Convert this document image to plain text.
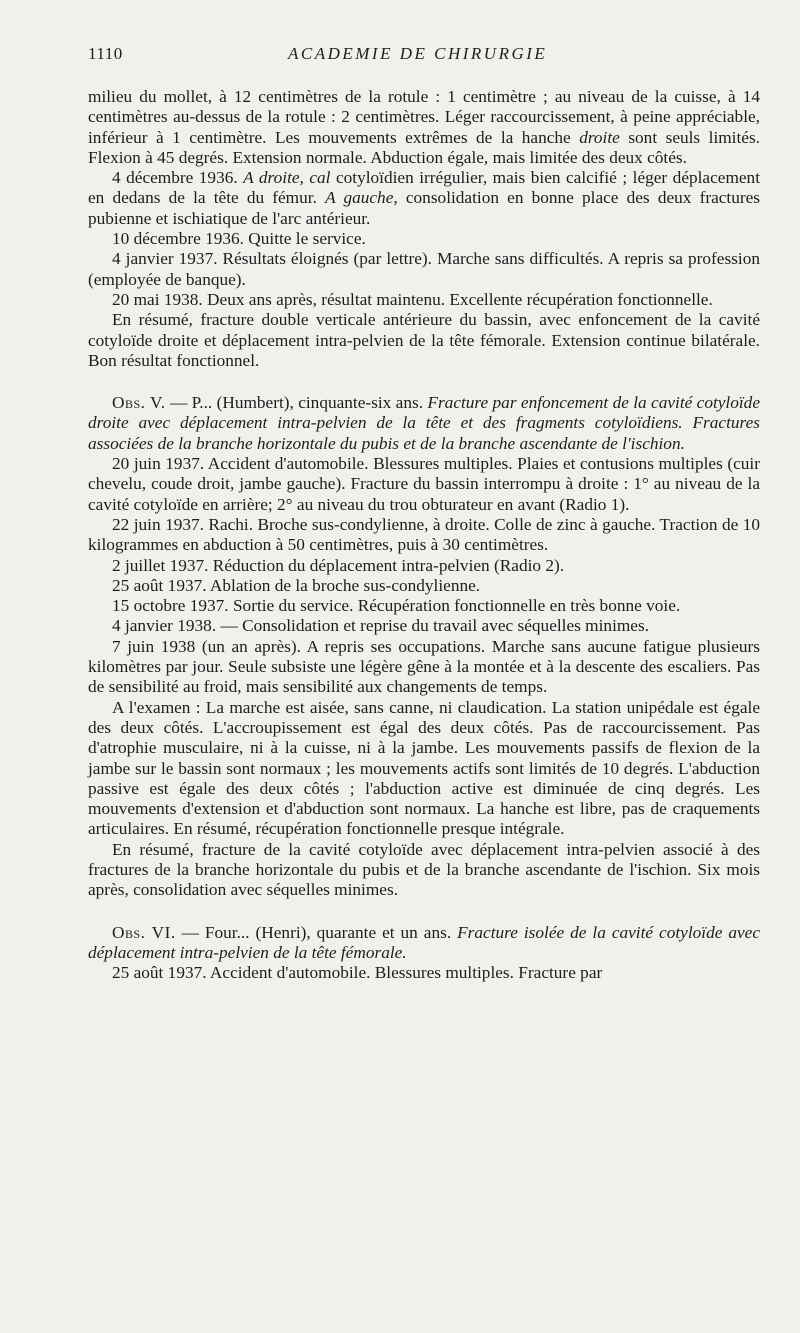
1110	ACADEMIE DE CHIRURGIE

milieu du mollet, à 12 centimètres de la rotule : 1 centimètre ; au niveau de la cuisse, à 14 centimètres au-dessus de la rotule : 2 centimètres. Léger raccourcissement, à peine appréciable, inférieur à 1 centimètre. Les mouvements extrêmes de la hanche droite sont seuls limités. Flexion à 45 degrés. Extension normale. Abduction égale, mais limitée des deux côtés.

4 décembre 1936. A droite, cal cotyloïdien irrégulier, mais bien calcifié ; léger déplacement en dedans de la tête du fémur. A gauche, consolidation en bonne place des deux fractures pubienne et ischiatique de l'arc antérieur.

10 décembre 1936. Quitte le service.

4 janvier 1937. Résultats éloignés (par lettre). Marche sans difficultés. A repris sa profession (employée de banque).

20 mai 1938. Deux ans après, résultat maintenu. Excellente récupération fonctionnelle.

En résumé, fracture double verticale antérieure du bassin, avec enfoncement de la cavité cotyloïde droite et déplacement intra-pelvien de la tête fémorale. Extension continue bilatérale. Bon résultat fonctionnel.

Obs. V. — P... (Humbert), cinquante-six ans. Fracture par enfoncement de la cavité cotyloïde droite avec déplacement intra-pelvien de la tête et des fragments cotyloïdiens. Fractures associées de la branche horizontale du pubis et de la branche ascendante de l'ischion.

20 juin 1937. Accident d'automobile. Blessures multiples. Plaies et contusions multiples (cuir chevelu, coude droit, jambe gauche). Fracture du bassin interrompu à droite : 1° au niveau de la cavité cotyloïde en arrière; 2° au niveau du trou obturateur en avant (Radio 1).

22 juin 1937. Rachi. Broche sus-condylienne, à droite. Colle de zinc à gauche. Traction de 10 kilogrammes en abduction à 50 centimètres, puis à 30 centimètres.

2 juillet 1937. Réduction du déplacement intra-pelvien (Radio 2).

25 août 1937. Ablation de la broche sus-condylienne.

15 octobre 1937. Sortie du service. Récupération fonctionnelle en très bonne voie.

4 janvier 1938. — Consolidation et reprise du travail avec séquelles minimes.

7 juin 1938 (un an après). A repris ses occupations. Marche sans aucune fatigue plusieurs kilomètres par jour. Seule subsiste une légère gêne à la montée et à la descente des escaliers. Pas de sensibilité au froid, mais sensibilité aux changements de temps.

A l'examen : La marche est aisée, sans canne, ni claudication. La station unipédale est égale des deux côtés. L'accroupissement est égal des deux côtés. Pas de raccourcissement. Pas d'atrophie musculaire, ni à la cuisse, ni à la jambe. Les mouvements passifs de flexion de la jambe sur le bassin sont normaux ; les mouvements actifs sont limités de 10 degrés. L'abduction passive est égale des deux côtés ; l'abduction active est diminuée de cinq degrés. Les mouvements d'extension et d'abduction sont normaux. La hanche est libre, pas de craquements articulaires. En résumé, récupération fonctionnelle presque intégrale.

En résumé, fracture de la cavité cotyloïde avec déplacement intra-pelvien associé à des fractures de la branche horizontale du pubis et de la branche ascendante de l'ischion. Six mois après, consolidation avec séquelles minimes.

Obs. VI. — Four... (Henri), quarante et un ans. Fracture isolée de la cavité cotyloïde avec déplacement intra-pelvien de la tête fémorale.

25 août 1937. Accident d'automobile. Blessures multiples. Fracture par
